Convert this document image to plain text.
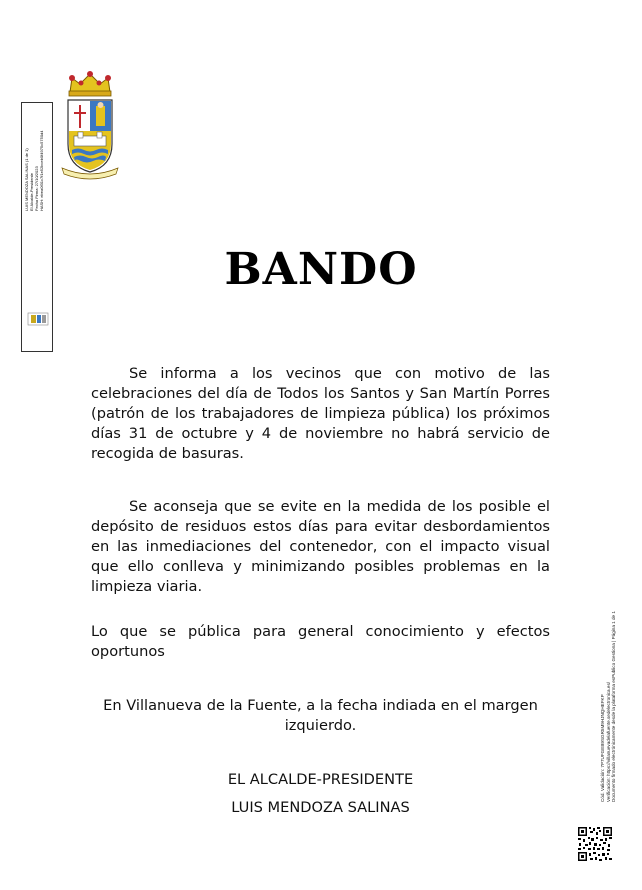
LUIS MENDOZA SALINAS (1 de 1) El Alcalde-Presidente Fecha Firma: 27/10/2023 HASH: ebea0f31c7f1e52bceb0f4975c5750d4
BANDO
Se informa a los vecinos que con motivo de las celebraciones del día de Todos los Santos y San Martín Porres (patrón de los trabajadores de limpieza pública) los próximos días 31 de octubre y 4 de noviembre no habrá servicio de recogida de basuras.
Se aconseja que se evite en la medida de los posible el depósito de residuos estos días para evitar desbordamientos en las inmediaciones del contenedor, con el impacto visual que ello conlleva y minimizando posibles problemas en la limpieza viaria.
Lo que se pública para general conocimiento y efectos oportunos
En Villanueva de la Fuente, a la fecha indiada en el margen izquierdo.
EL ALCALDE-PRESIDENTE
LUIS MENDOZA SALINAS
Cód. Validación: 7P7UFGEB9SGR5M9HJNQHEFKP Verificación: https://villanuevadelafuente.sedelectronica.es/ Documento firmado electrónicamente desde la plataforma esPublico Gestiona | Página 1 de 1
